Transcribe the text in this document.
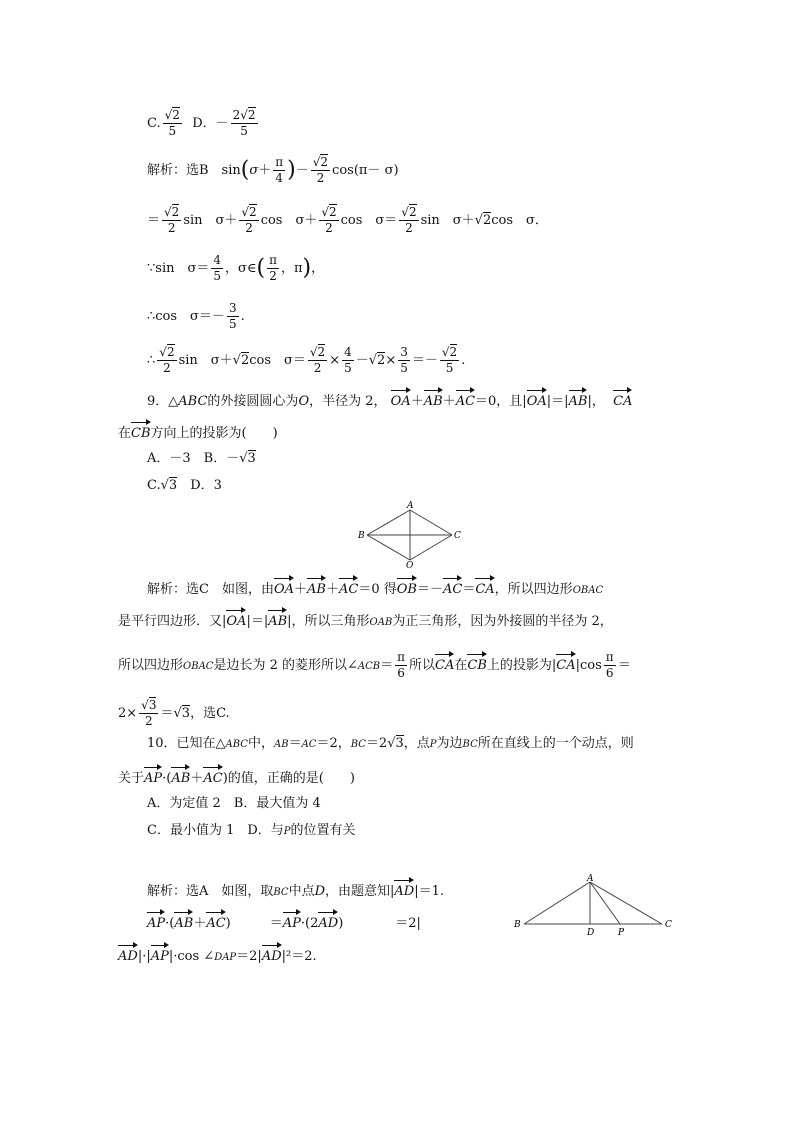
C. $\frac{√2}{5}$ D．－ $\frac{2√2}{5}$
解析：选B　$\sin(\sigma+ \frac{\pi}{4}$ )－ $\frac{√2}{2} \cos(\pi- \sigma)$
＝ $\frac{√2}{2}$ sin　$\sigma+ \frac{√2}{2}$ cos　$\sigma+ \frac{√2}{2}$ cos　$\sigma= \frac{√2}{2}$ sin　σ＋√2cos　σ．
∵sin　$\sigma= \frac{4}{5}$ ，σ∈( $\frac{\pi}{2}$ ，π)，
∴cos　$\sigma=- \frac{3}{5}$ .
∴ $\frac{√2}{2}$ sin　σ＋√2cos　$\sigma= \frac{√2}{2} \times \frac{4}{5} -√2\times \frac{3}{5} =- \frac{√2}{5}$ .
9．△ABC的外接圆圆心为O，半径为 2， OA＋AB＋AC＝0，且|OA|＝|AB|， CA
在CB方向上的投影为(　　)
A．－3　B．－√3
C.√3　D．3
A
B	C
O
解析：选C　如图，由OA＋AB＋AC＝0 得OB＝－AC＝CA，所以四边形OBAC
是平行四边形．又|OA|＝|AB|，所以三角形OAB为正三角形，因为外接圆的半径为 2，
所以四边形OBAC是边长为 2 的菱形所以∠ACB＝ $\frac{\pi}{6}$ 所以CA在CB上的投影为$|CA|\cos \frac{\pi}{6}$ ＝
$2\times \frac{√3}{2} =√3$，选C.
10．已知在△ABC中，AB＝AC＝2，BC＝2√3，点P为边BC所在直线上的一个动点，则
关于AP·(AB＋AC)的值，正确的是(　　)
A．为定值 2　B．最大值为 4
C．最小值为 1　D．与P的位置有关
解析：选A　如图，取BC中点D，由题意知|AD|＝1.
AP·(AB＋AC)　　　＝AP·(2AD)　　　　＝2|
AD|·|AP|·cos ∠DAP＝2|AD|²＝2.
A
B	C
D	P
